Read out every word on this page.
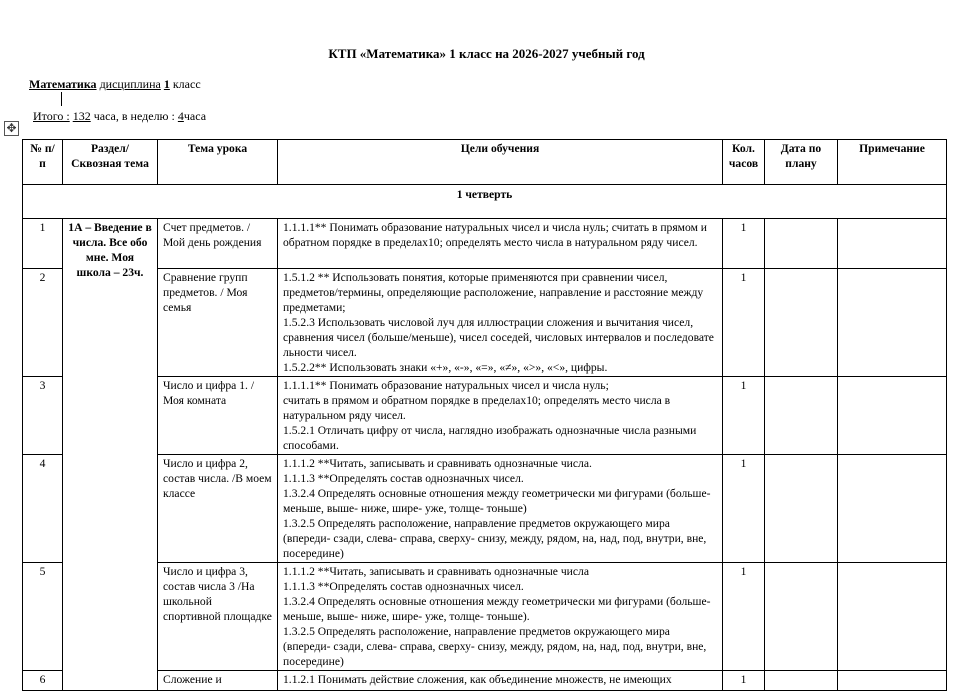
КТП «Математика» 1 класс на 2026-2027 учебный год
Математика дисциплина 1 класс
Итого : 132 часа, в неделю : 4часа
✥
№ п/п	Раздел/ Сквозная тема	Тема урока	Цели обучения	Кол. часов	Дата по плану	Примечание
1 четверть						
1	1А – Введение в числа. Все обо мне. Моя школа – 23ч.	Счет предметов. /Мой день рождения	1.1.1.1** Понимать образование натуральных чисел и числа нуль; считать в прямом и обратном порядке в пределах10; определять место числа в натуральном ряду чисел.	1		
2		Сравнение групп предметов. / Моя семья	1.5.1.2 ** Использовать понятия, которые применяются при сравнении чисел, предметов/термины, определяющие расположение, направление и расстояние между предметами;
1.5.2.3 Использовать числовой луч для иллюстрации сложения и вычитания чисел, сравнения чисел (больше/меньше), чисел соседей, числовых интервалов и последовате льности чисел.
1.5.2.2** Использовать знаки «+», «-», «=», «≠», «>», «<», цифры.	1		
3		Число и цифра 1. /Моя комната	1.1.1.1** Понимать образование натуральных чисел и числа нуль;
считать в прямом и обратном порядке в пределах10; определять место числа в натуральном ряду чисел.
1.5.2.1 Отличать цифру от числа, наглядно изображать однозначные числа разными способами.	1		
4		Число и цифра 2, состав числа. /В моем классе	1.1.1.2 **Читать, записывать и сравнивать однозначные числа.
1.1.1.3 **Определять состав однозначных чисел.
1.3.2.4 Определять основные отношения между геометрически ми фигурами (больше- меньше, выше- ниже, шире- уже, толще- тоньше)
1.3.2.5 Определять расположение, направление предметов окружающего мира (впереди- сзади, слева- справа, сверху- снизу, между, рядом, на, над, под, внутри, вне, посередине)	1		
5		Число и цифра 3, состав числа 3 /На школьной спортивной площадке	1.1.1.2 **Читать, записывать и сравнивать однозначные числа
1.1.1.3 **Определять состав однозначных чисел.
1.3.2.4 Определять основные отношения между геометрически ми фигурами (больше- меньше, выше- ниже, шире- уже, толще- тоньше).
1.3.2.5 Определять расположение, направление предметов окружающего мира (впереди- сзади, слева- справа, сверху- снизу, между, рядом, на, над, под, внутри, вне, посередине)	1		
6		Сложение и	1.1.2.1 Понимать действие сложения, как объединение множеств, не имеющих	1		
